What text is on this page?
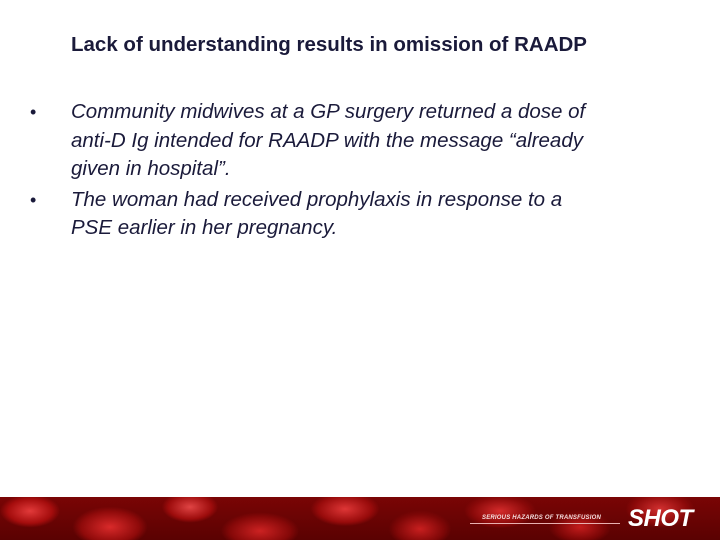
Lack of understanding results in omission of RAADP
• Community midwives at a GP surgery returned a dose of
anti-D Ig intended for RAADP with the message “already
given in hospital”.
• The woman had received prophylaxis in response to a
PSE earlier in her pregnancy.
SERIOUS HAZARDS OF TRANSFUSION SHOT
